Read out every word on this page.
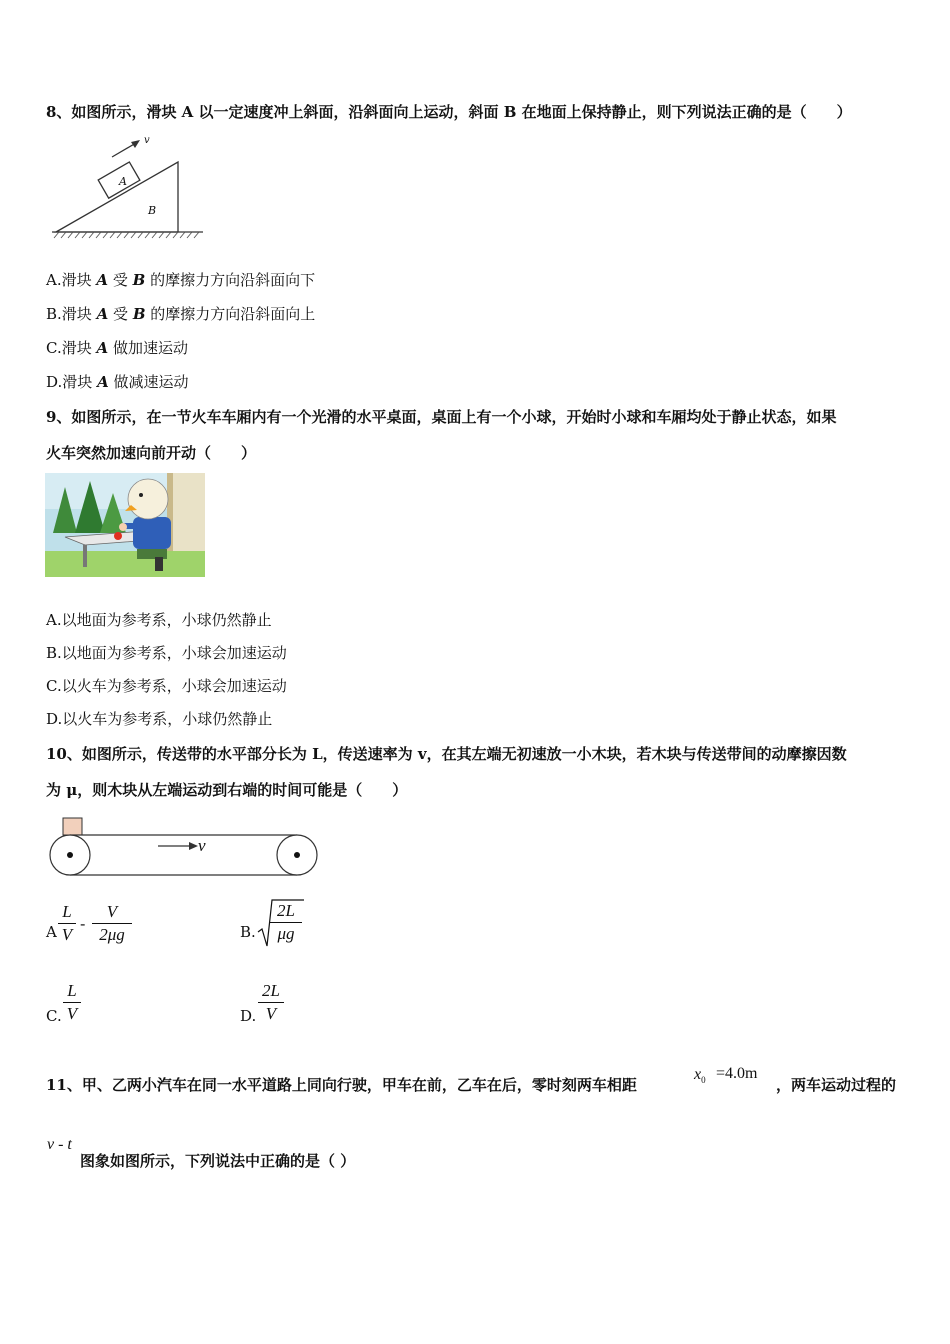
8、如图所示，滑块 A 以一定速度冲上斜面，沿斜面向上运动，斜面 B 在地面上保持静止，则下列说法正确的是（　　）
v
A
B
A.滑块 A 受 B 的摩擦力方向沿斜面向下
B.滑块 A 受 B 的摩擦力方向沿斜面向上
C.滑块 A 做加速运动
D.滑块 A 做减速运动
9、如图所示，在一节火车车厢内有一个光滑的水平桌面，桌面上有一个小球，开始时小球和车厢均处于静止状态，如果
火车突然加速向前开动（　　）
A.以地面为参考系，小球仍然静止
B.以地面为参考系，小球会加速运动
C.以火车为参考系，小球会加速运动
D.以火车为参考系，小球仍然静止
10、如图所示，传送带的水平部分长为 L，传送速率为 v，在其左端无初速放一小木块，若木块与传送带间的动摩擦因数
为 μ，则木块从左端运动到右端的时间可能是（　　）
v
A
L
V
-
V
2μg	B.
2L
μg
C.
L
V	D.
2L
V
11、甲、乙两小汽车在同一水平道路上同向行驶，甲车在前，乙车在后，零时刻两车相距
$x_0 =4.0m$
，两车运动过程的
v - t
图象如图所示，下列说法中正确的是（ ）
